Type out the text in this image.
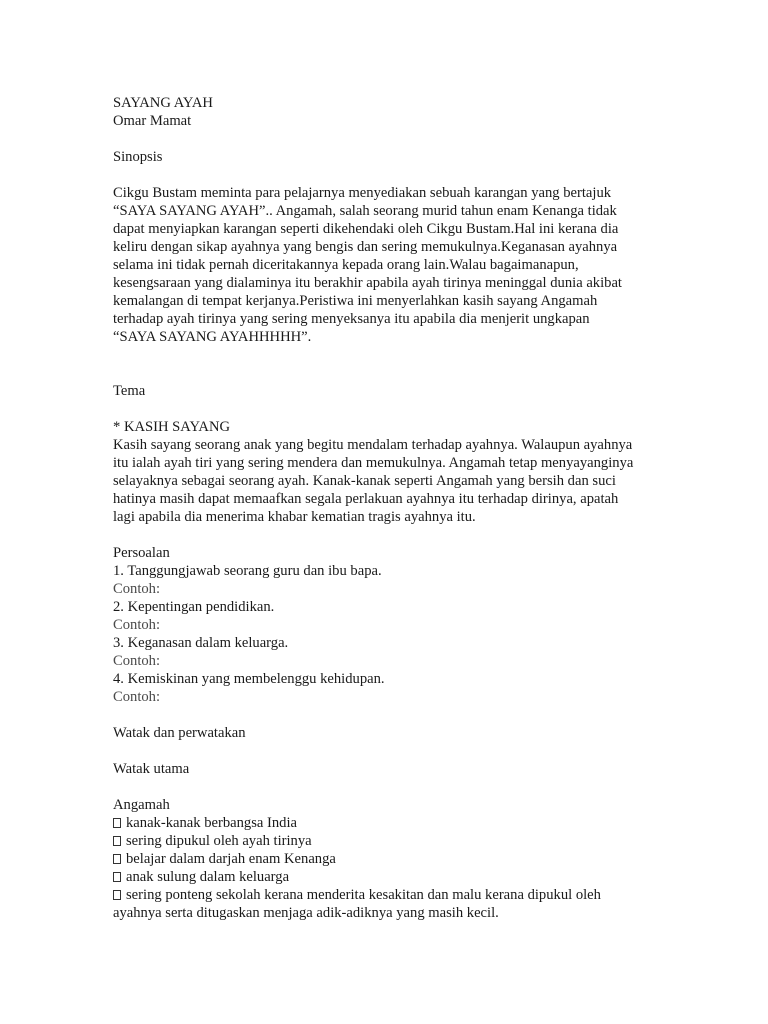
SAYANG AYAH
Omar Mamat
Sinopsis
Cikgu Bustam meminta para pelajarnya menyediakan sebuah karangan yang bertajuk
“SAYA SAYANG AYAH”.. Angamah, salah seorang murid tahun enam Kenanga tidak
dapat menyiapkan karangan seperti dikehendaki oleh Cikgu Bustam.Hal ini kerana dia
keliru dengan sikap ayahnya yang bengis dan sering memukulnya.Keganasan ayahnya
selama ini tidak pernah diceritakannya kepada orang lain.Walau bagaimanapun,
kesengsaraan yang dialaminya itu berakhir apabila ayah tirinya meninggal dunia akibat
kemalangan di tempat kerjanya.Peristiwa ini menyerlahkan kasih sayang Angamah
terhadap ayah tirinya yang sering menyeksanya itu apabila dia menjerit ungkapan
“SAYA SAYANG AYAHHHHH”.
Tema
* KASIH SAYANG
Kasih sayang seorang anak yang begitu mendalam terhadap ayahnya. Walaupun ayahnya
itu ialah ayah tiri yang sering mendera dan memukulnya. Angamah tetap menyayanginya
selayaknya sebagai seorang ayah. Kanak-kanak seperti Angamah yang bersih dan suci
hatinya masih dapat memaafkan segala perlakuan ayahnya itu terhadap dirinya, apatah
lagi apabila dia menerima khabar kematian tragis ayahnya itu.
Persoalan
1. Tanggungjawab seorang guru dan ibu bapa.
Contoh:
2. Kepentingan pendidikan.
Contoh:
3. Keganasan dalam keluarga.
Contoh:
4. Kemiskinan yang membelenggu kehidupan.
Contoh:
Watak dan perwatakan
Watak utama
Angamah
kanak-kanak berbangsa India
sering dipukul oleh ayah tirinya
belajar dalam darjah enam Kenanga
anak sulung dalam keluarga
sering ponteng sekolah kerana menderita kesakitan dan malu kerana dipukul oleh
ayahnya serta ditugaskan menjaga adik-adiknya yang masih kecil.
